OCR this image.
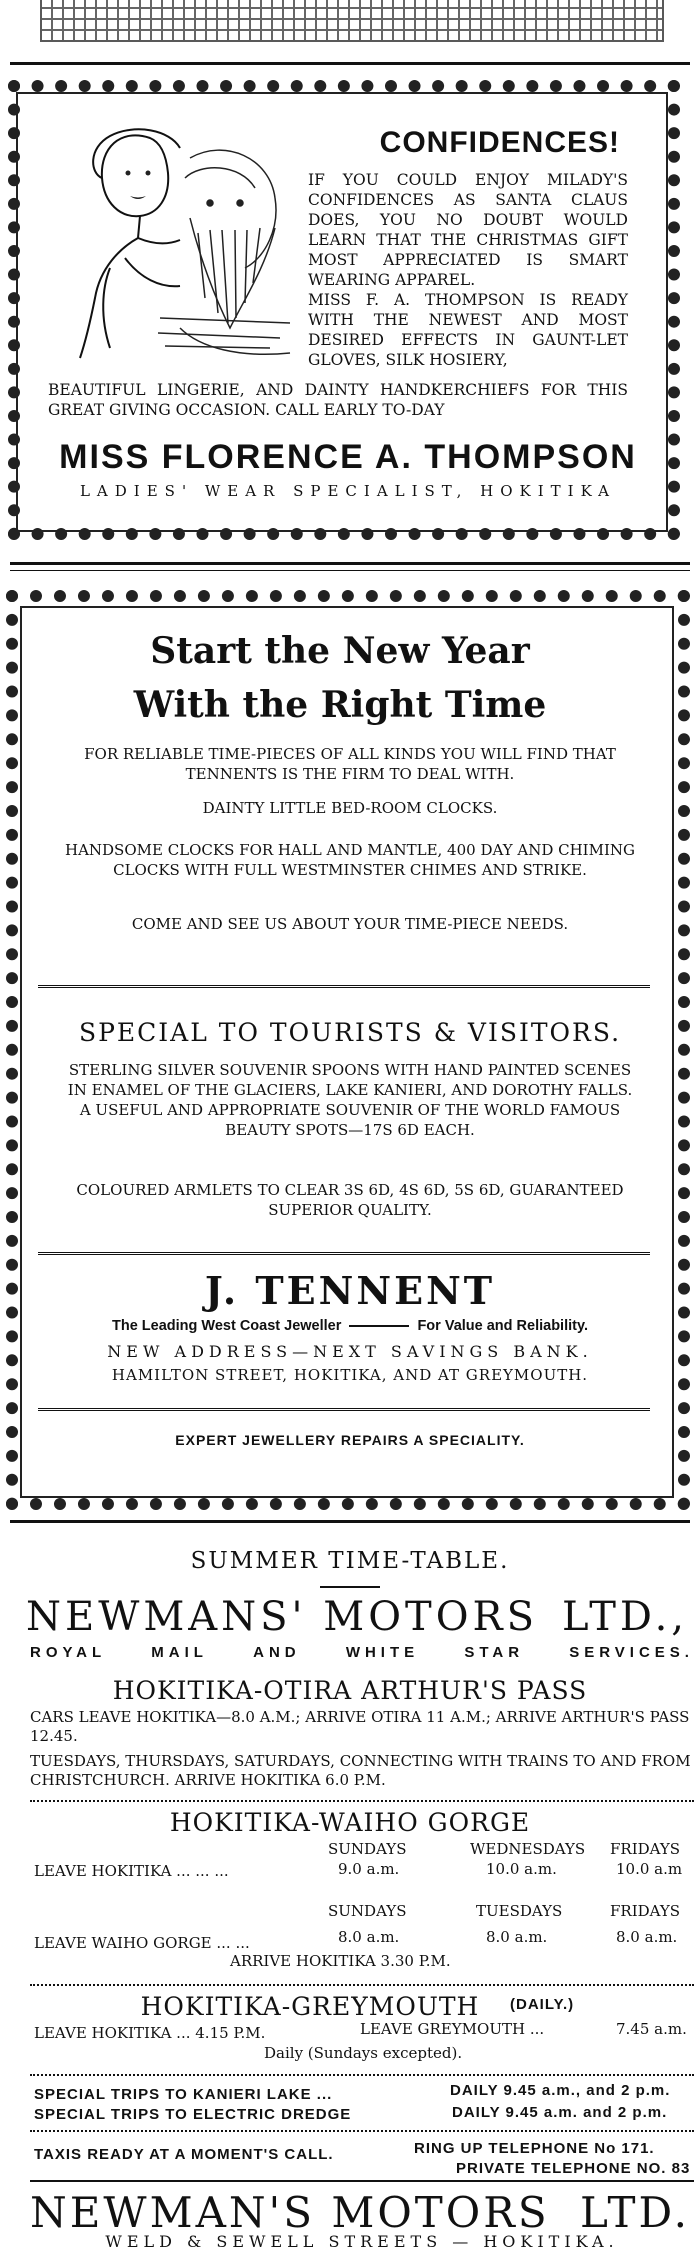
CONFIDENCES!
IF YOU COULD ENJOY MILADY'S CONFIDENCES AS SANTA CLAUS DOES, YOU NO DOUBT WOULD LEARN THAT THE CHRISTMAS GIFT MOST APPRECIATED IS SMART WEARING APPAREL.
MISS F. A. THOMPSON IS READY WITH THE NEWEST AND MOST DESIRED EFFECTS IN GAUNT-LET GLOVES, SILK HOSIERY,
BEAUTIFUL LINGERIE, AND DAINTY HANDKERCHIEFS FOR THIS GREAT GIVING OCCASION. CALL EARLY TO-DAY
MISS FLORENCE A. THOMPSON
LADIES' WEAR SPECIALIST, HOKITIKA
Start the New Year
With the Right Time
FOR RELIABLE TIME-PIECES OF ALL KINDS YOU WILL FIND THAT TENNENTS IS THE FIRM TO DEAL WITH.
DAINTY LITTLE BED-ROOM CLOCKS.
HANDSOME CLOCKS FOR HALL AND MANTLE, 400 DAY AND CHIMING CLOCKS WITH FULL WESTMINSTER CHIMES AND STRIKE.
COME AND SEE US ABOUT YOUR TIME-PIECE NEEDS.
SPECIAL TO TOURISTS & VISITORS.
STERLING SILVER SOUVENIR SPOONS WITH HAND PAINTED SCENES IN ENAMEL OF THE GLACIERS, LAKE KANIERI, AND DOROTHY FALLS. A USEFUL AND APPROPRIATE SOUVENIR OF THE WORLD FAMOUS BEAUTY SPOTS—17S 6D EACH.
COLOURED ARMLETS TO CLEAR 3S 6D, 4S 6D, 5S 6D, GUARANTEED SUPERIOR QUALITY.
J. TENNENT
The Leading West Coast Jeweller	For Value and Reliability.
NEW ADDRESS—NEXT SAVINGS BANK.
HAMILTON STREET, HOKITIKA, AND AT GREYMOUTH.
EXPERT JEWELLERY REPAIRS A SPECIALITY.
SUMMER TIME-TABLE.
NEWMANS' MOTORS LTD.,
ROYAL	MAIL	AND	WHITE	STAR	SERVICES.
HOKITIKA-OTIRA ARTHUR'S PASS
CARS LEAVE HOKITIKA—8.0 A.M.; ARRIVE OTIRA 11 A.M.; ARRIVE ARTHUR'S PASS 12.45.
TUESDAYS, THURSDAYS, SATURDAYS, CONNECTING WITH TRAINS TO AND FROM CHRISTCHURCH. ARRIVE HOKITIKA 6.0 P.M.
HOKITIKA-WAIHO GORGE
SUNDAYS	WEDNESDAYS FRIDAYS
LEAVE HOKITIKA ... ... ...	9.0 a.m.	10.0 a.m.	10.0 a.m
SUNDAYS	TUESDAYS	FRIDAYS
LEAVE WAIHO GORGE ... ...	8.0 a.m.	8.0 a.m.	8.0 a.m.
ARRIVE HOKITIKA 3.30 P.M.
HOKITIKA-GREYMOUTH	(DAILY.)
LEAVE HOKITIKA ... 4.15 P.M.	LEAVE GREYMOUTH ...	7.45 a.m.
Daily (Sundays excepted).
SPECIAL TRIPS TO KANIERI LAKE ...	DAILY 9.45 a.m., and 2 p.m.
SPECIAL TRIPS TO ELECTRIC DREDGE	DAILY 9.45 a.m. and 2 p.m.
TAXIS READY AT A MOMENT'S CALL.	RING UP TELEPHONE No 171.
PRIVATE TELEPHONE NO. 83
NEWMAN'S MOTORS LTD.
WELD & SEWELL STREETS — HOKITIKA.
